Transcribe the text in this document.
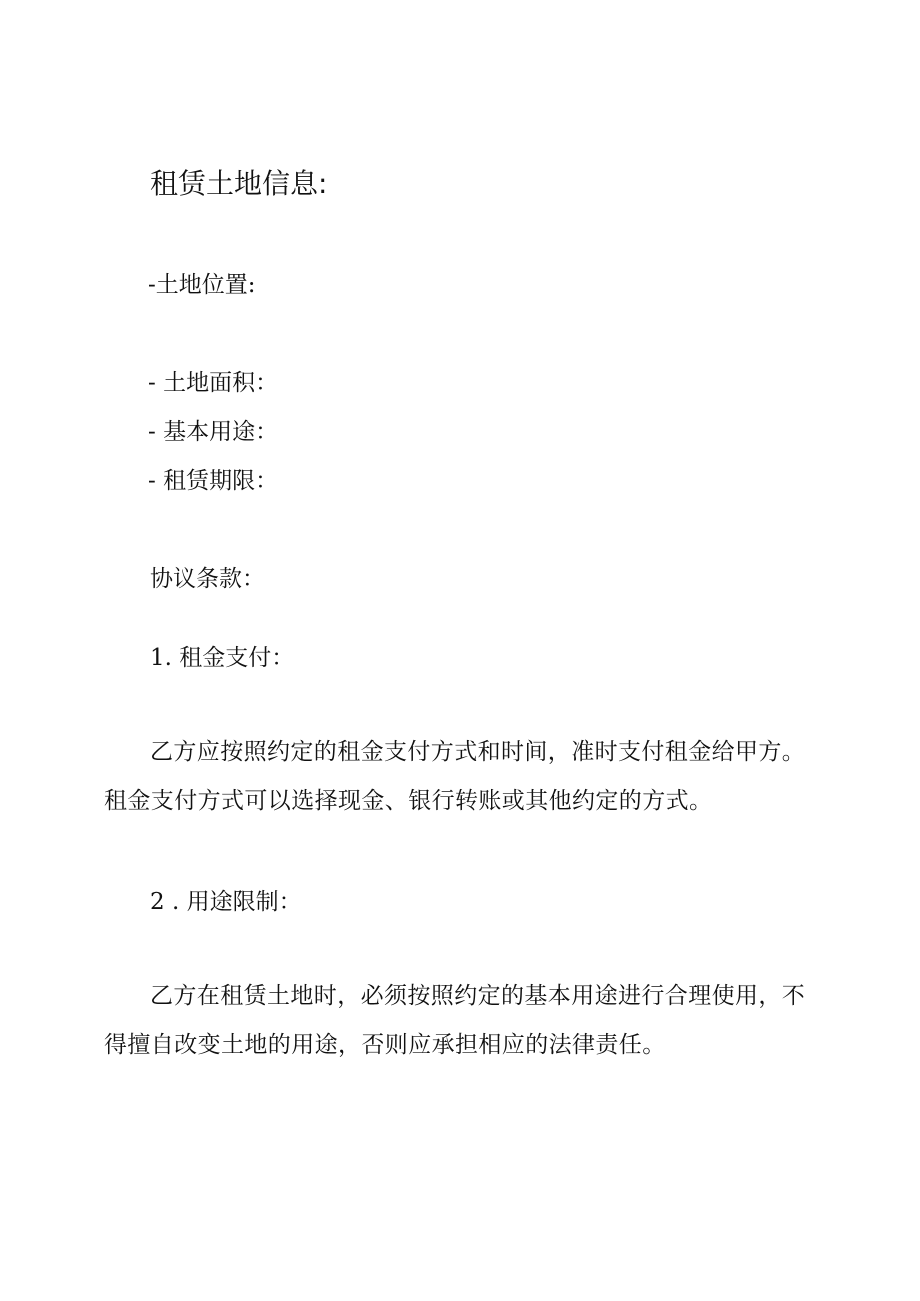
租赁土地信息:
-土地位置:
- 土地面积：
- 基本用途：
- 租赁期限：
协议条款：
1. 租金支付：
乙方应按照约定的租金支付方式和时间，准时支付租金给甲方。
租金支付方式可以选择现金、银行转账或其他约定的方式。
2 . 用途限制：
乙方在租赁土地时，必须按照约定的基本用途进行合理使用，不
得擅自改变土地的用途，否则应承担相应的法律责任。
